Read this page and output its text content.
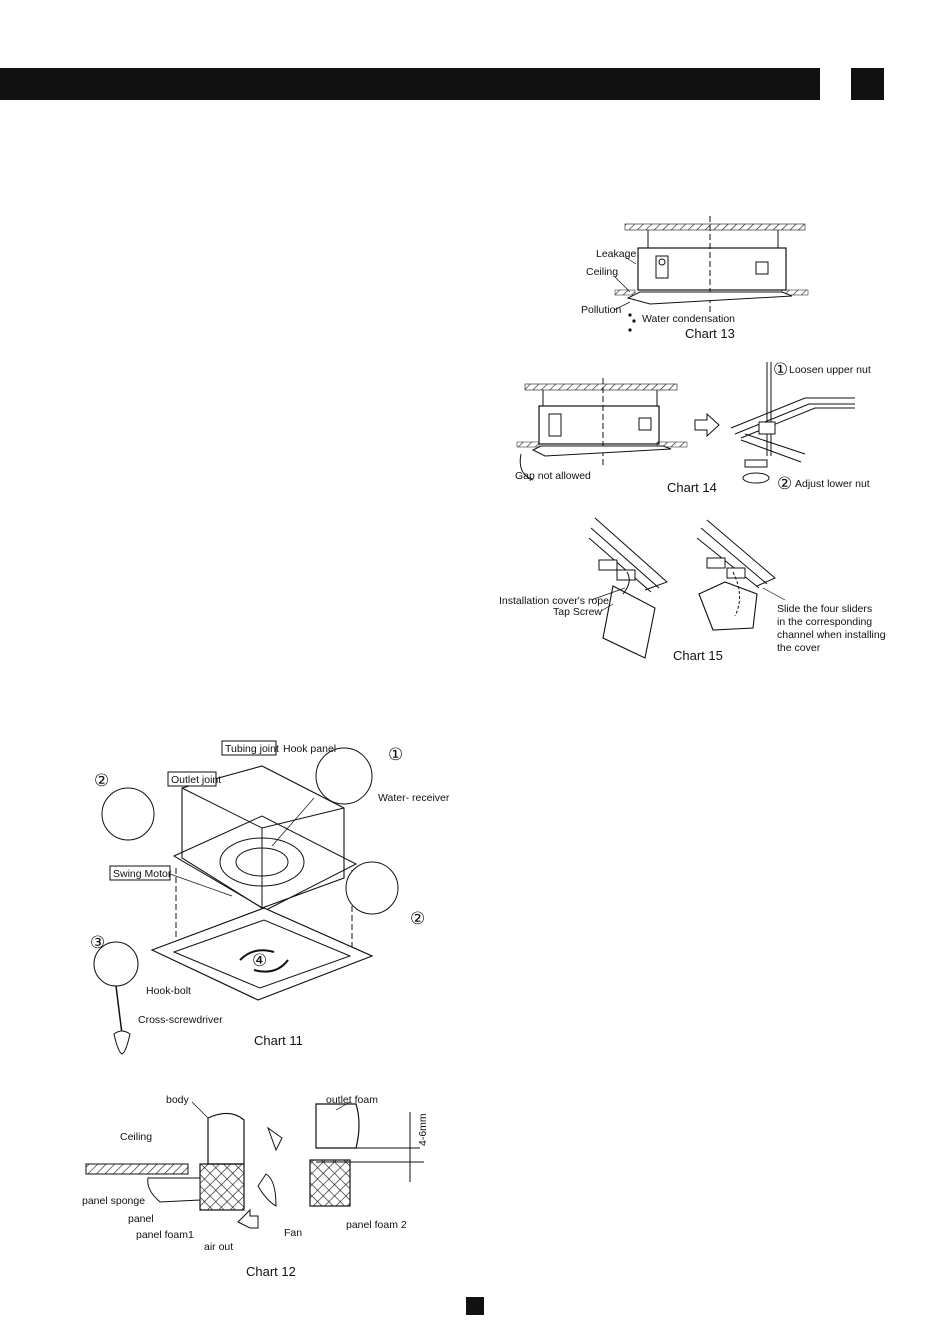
Leakage
Ceiling
Pollution
Water condensation
Chart 13
① Loosen upper nut
Gap not allowed
Chart 14	② Adjust lower nut
Installation cover's rope
Tap Screw	Slide the four sliders
in the corresponding
channel when installing
the cover
Chart 15
Tubing joint Hook panel	①
②	Outlet joint
Water- receiver
Swing Motor
②
③
④
Hook-bolt
Cross-screwdriver
Chart 11
body	outlet foam
Ceiling	4-6mm
panel sponge
panel
panel foam1
air out
Fan
panel foam 2
Chart 12
